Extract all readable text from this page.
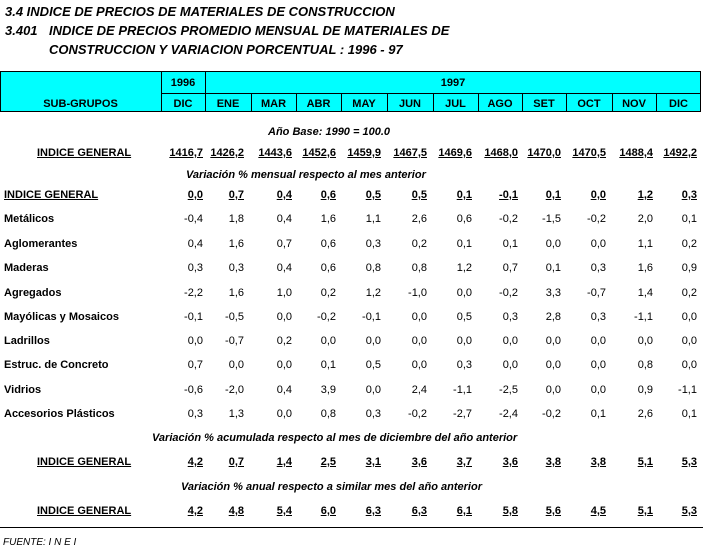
3.4 INDICE DE PRECIOS DE MATERIALES DE CONSTRUCCION
3.401 INDICE DE PRECIOS PROMEDIO MENSUAL DE MATERIALES DE
CONSTRUCCION Y VARIACION PORCENTUAL : 1996 - 97
SUB-GRUPOS
1996	1997
DIC	ENE	MAR	ABR	MAY	JUN	JUL	AGO	SET	OCT	NOV	DIC
Año Base: 1990 = 100.0
INDICE GENERAL	1416,7 1426,2	1443,6 1452,6	1459,9	1467,5	1469,6	1468,0 1470,0	1470,5	1488,4 1492,2
Variación % mensual respecto al mes anterior
INDICE GENERAL	0,0	0,7	0,4	0,6	0,5	0,5	0,1	-0,1	0,1	0,0	1,2	0,3
Metálicos	-0,4	1,8	0,4	1,6	1,1	2,6	0,6	-0,2	-1,5	-0,2	2,0	0,1
Aglomerantes	0,4	1,6	0,7	0,6	0,3	0,2	0,1	0,1	0,0	0,0	1,1	0,2
Maderas	0,3	0,3	0,4	0,6	0,8	0,8	1,2	0,7	0,1	0,3	1,6	0,9
Agregados	-2,2	1,6	1,0	0,2	1,2	-1,0	0,0	-0,2	3,3	-0,7	1,4	0,2
Mayólicas y Mosaicos	-0,1	-0,5	0,0	-0,2	-0,1	0,0	0,5	0,3	2,8	0,3	-1,1	0,0
Ladrillos	0,0	-0,7	0,2	0,0	0,0	0,0	0,0	0,0	0,0	0,0	0,0	0,0
Estruc. de Concreto	0,7	0,0	0,0	0,1	0,5	0,0	0,3	0,0	0,0	0,0	0,8	0,0
Vidrios	-0,6	-2,0	0,4	3,9	0,0	2,4	-1,1	-2,5	0,0	0,0	0,9	-1,1
Accesorios Plásticos	0,3	1,3	0,0	0,8	0,3	-0,2	-2,7	-2,4	-0,2	0,1	2,6	0,1
Variación % acumulada respecto al mes de diciembre del año anterior
INDICE GENERAL	4,2	0,7	1,4	2,5	3,1	3,6	3,7	3,6	3,8	3,8	5,1	5,3
Variación % anual respecto a similar mes del año anterior
INDICE GENERAL	4,2	4,8	5,4	6,0	6,3	6,3	6,1	5,8	5,6	4,5	5,1	5,3
FUENTE: I N E I
